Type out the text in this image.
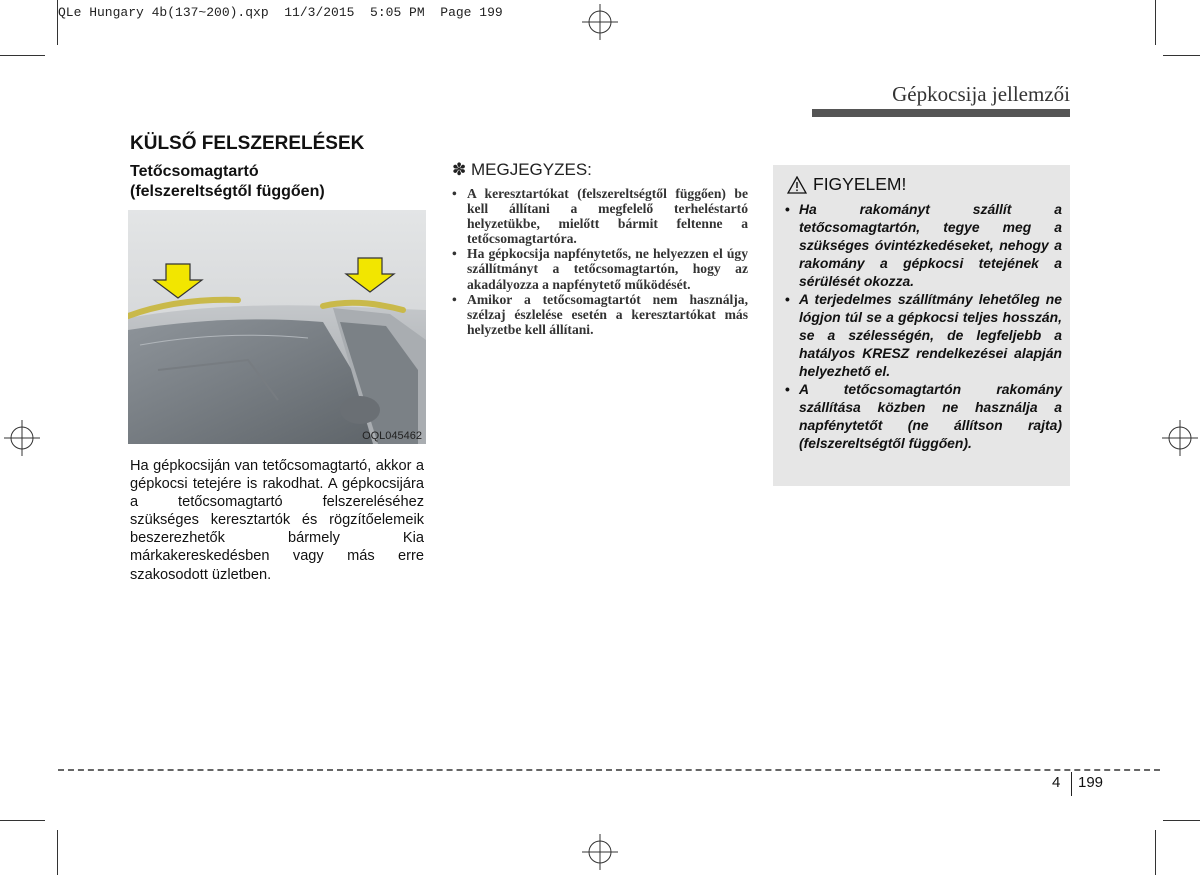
QLe Hungary 4b(137~200).qxp  11/3/2015  5:05 PM  Page 199
Gépkocsija jellemzői
KÜLSŐ FELSZERELÉSEK
Tetőcsomagtartó
(felszereltségtől függően)
OQL045462
Ha gépkocsiján van tetőcsomagtartó, akkor a gépkocsi tetejére is rakodhat. A gépkocsijára a tetőcsomagtartó felszereléséhez szükséges keresztartók és rögzítőelemeik beszerezhetők bármely Kia márkakereskedésben vagy más erre szakosodott üzletben.
✽ MEGJEGYZES:
• A keresztartókat (felszereltségtől függően) be kell állítani a megfelelő terheléstartó helyzetükbe, mielőtt bármit feltenne a tetőcsomagtartóra.
• Ha gépkocsija napfénytetős, ne helyezzen el úgy szállítmányt a tetőcsomagtartón, hogy az akadályozza a napfénytető működését.
• Amikor a tetőcsomagtartót nem használja, szélzaj észlelése esetén a keresztartókat más helyzetbe kell állítani.
FIGYELEM!
• Ha rakományt szállít a tetőcsomagtartón, tegye meg a szükséges óvintézkedéseket, nehogy a rakomány a gépkocsi tetejének a sérülését okozza.
• A terjedelmes szállítmány lehetőleg ne lógjon túl se a gépkocsi teljes hosszán, se a szélességén, de legfeljebb a hatályos KRESZ rendelkezései alapján helyezhető el.
• A tetőcsomagtartón rakomány szállítása közben ne használja a napfénytetőt (ne állítson rajta) (felszereltségtől függően).
4 199
